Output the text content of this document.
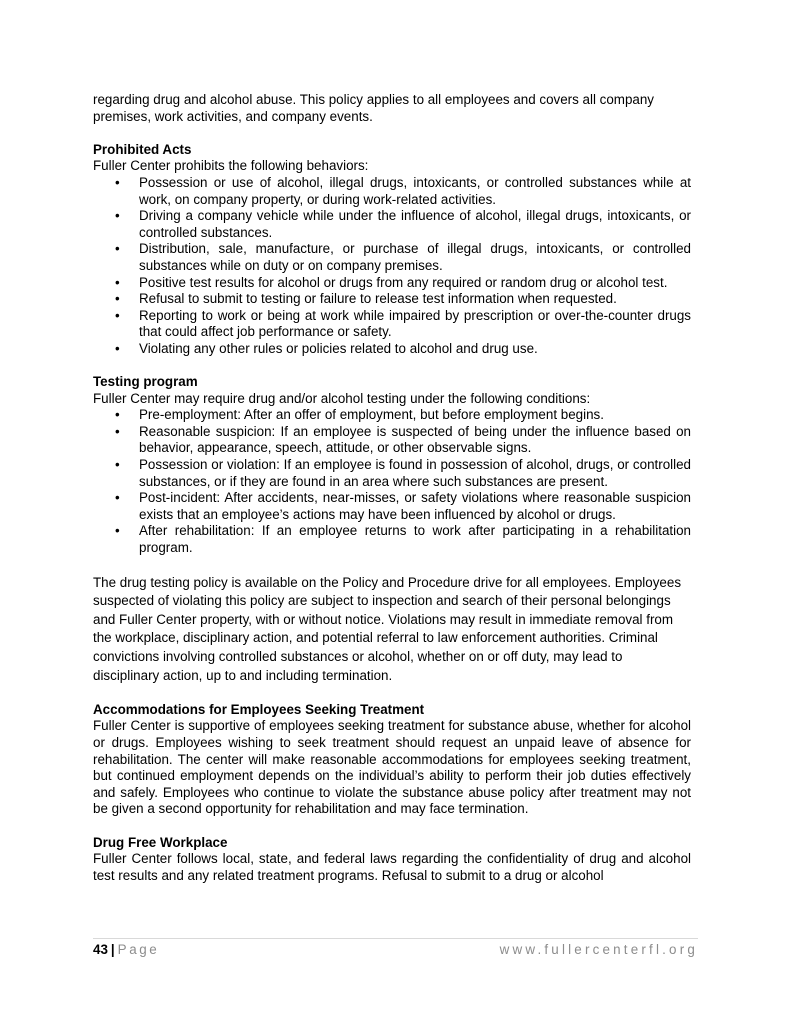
regarding drug and alcohol abuse. This policy applies to all employees and covers all company premises, work activities, and company events.

Prohibited Acts

Fuller Center prohibits the following behaviors:

• Possession or use of alcohol, illegal drugs, intoxicants, or controlled substances while at work, on company property, or during work-related activities.
• Driving a company vehicle while under the influence of alcohol, illegal drugs, intoxicants, or controlled substances.
• Distribution, sale, manufacture, or purchase of illegal drugs, intoxicants, or controlled substances while on duty or on company premises.
• Positive test results for alcohol or drugs from any required or random drug or alcohol test.
• Refusal to submit to testing or failure to release test information when requested.
• Reporting to work or being at work while impaired by prescription or over-the-counter drugs that could affect job performance or safety.
• Violating any other rules or policies related to alcohol and drug use.
Testing program

Fuller Center may require drug and/or alcohol testing under the following conditions:

• Pre-employment: After an offer of employment, but before employment begins.
• Reasonable suspicion: If an employee is suspected of being under the influence based on behavior, appearance, speech, attitude, or other observable signs.
• Possession or violation: If an employee is found in possession of alcohol, drugs, or controlled substances, or if they are found in an area where such substances are present.
• Post-incident: After accidents, near-misses, or safety violations where reasonable suspicion exists that an employee’s actions may have been influenced by alcohol or drugs.
• After rehabilitation: If an employee returns to work after participating in a rehabilitation program.

The drug testing policy is available on the Policy and Procedure drive for all employees. Employees suspected of violating this policy are subject to inspection and search of their personal belongings and Fuller Center property, with or without notice. Violations may result in immediate removal from the workplace, disciplinary action, and potential referral to law enforcement authorities. Criminal convictions involving controlled substances or alcohol, whether on or off duty, may lead to disciplinary action, up to and including termination.

Accommodations for Employees Seeking Treatment

Fuller Center is supportive of employees seeking treatment for substance abuse, whether for alcohol or drugs. Employees wishing to seek treatment should request an unpaid leave of absence for rehabilitation. The center will make reasonable accommodations for employees seeking treatment, but continued employment depends on the individual’s ability to perform their job duties effectively and safely. Employees who continue to violate the substance abuse policy after treatment may not be given a second opportunity for rehabilitation and may face termination.

Drug Free Workplace

Fuller Center follows local, state, and federal laws regarding the confidentiality of drug and alcohol test results and any related treatment programs. Refusal to submit to a drug or alcohol

43 | Page	www.fullercenterfl.org
